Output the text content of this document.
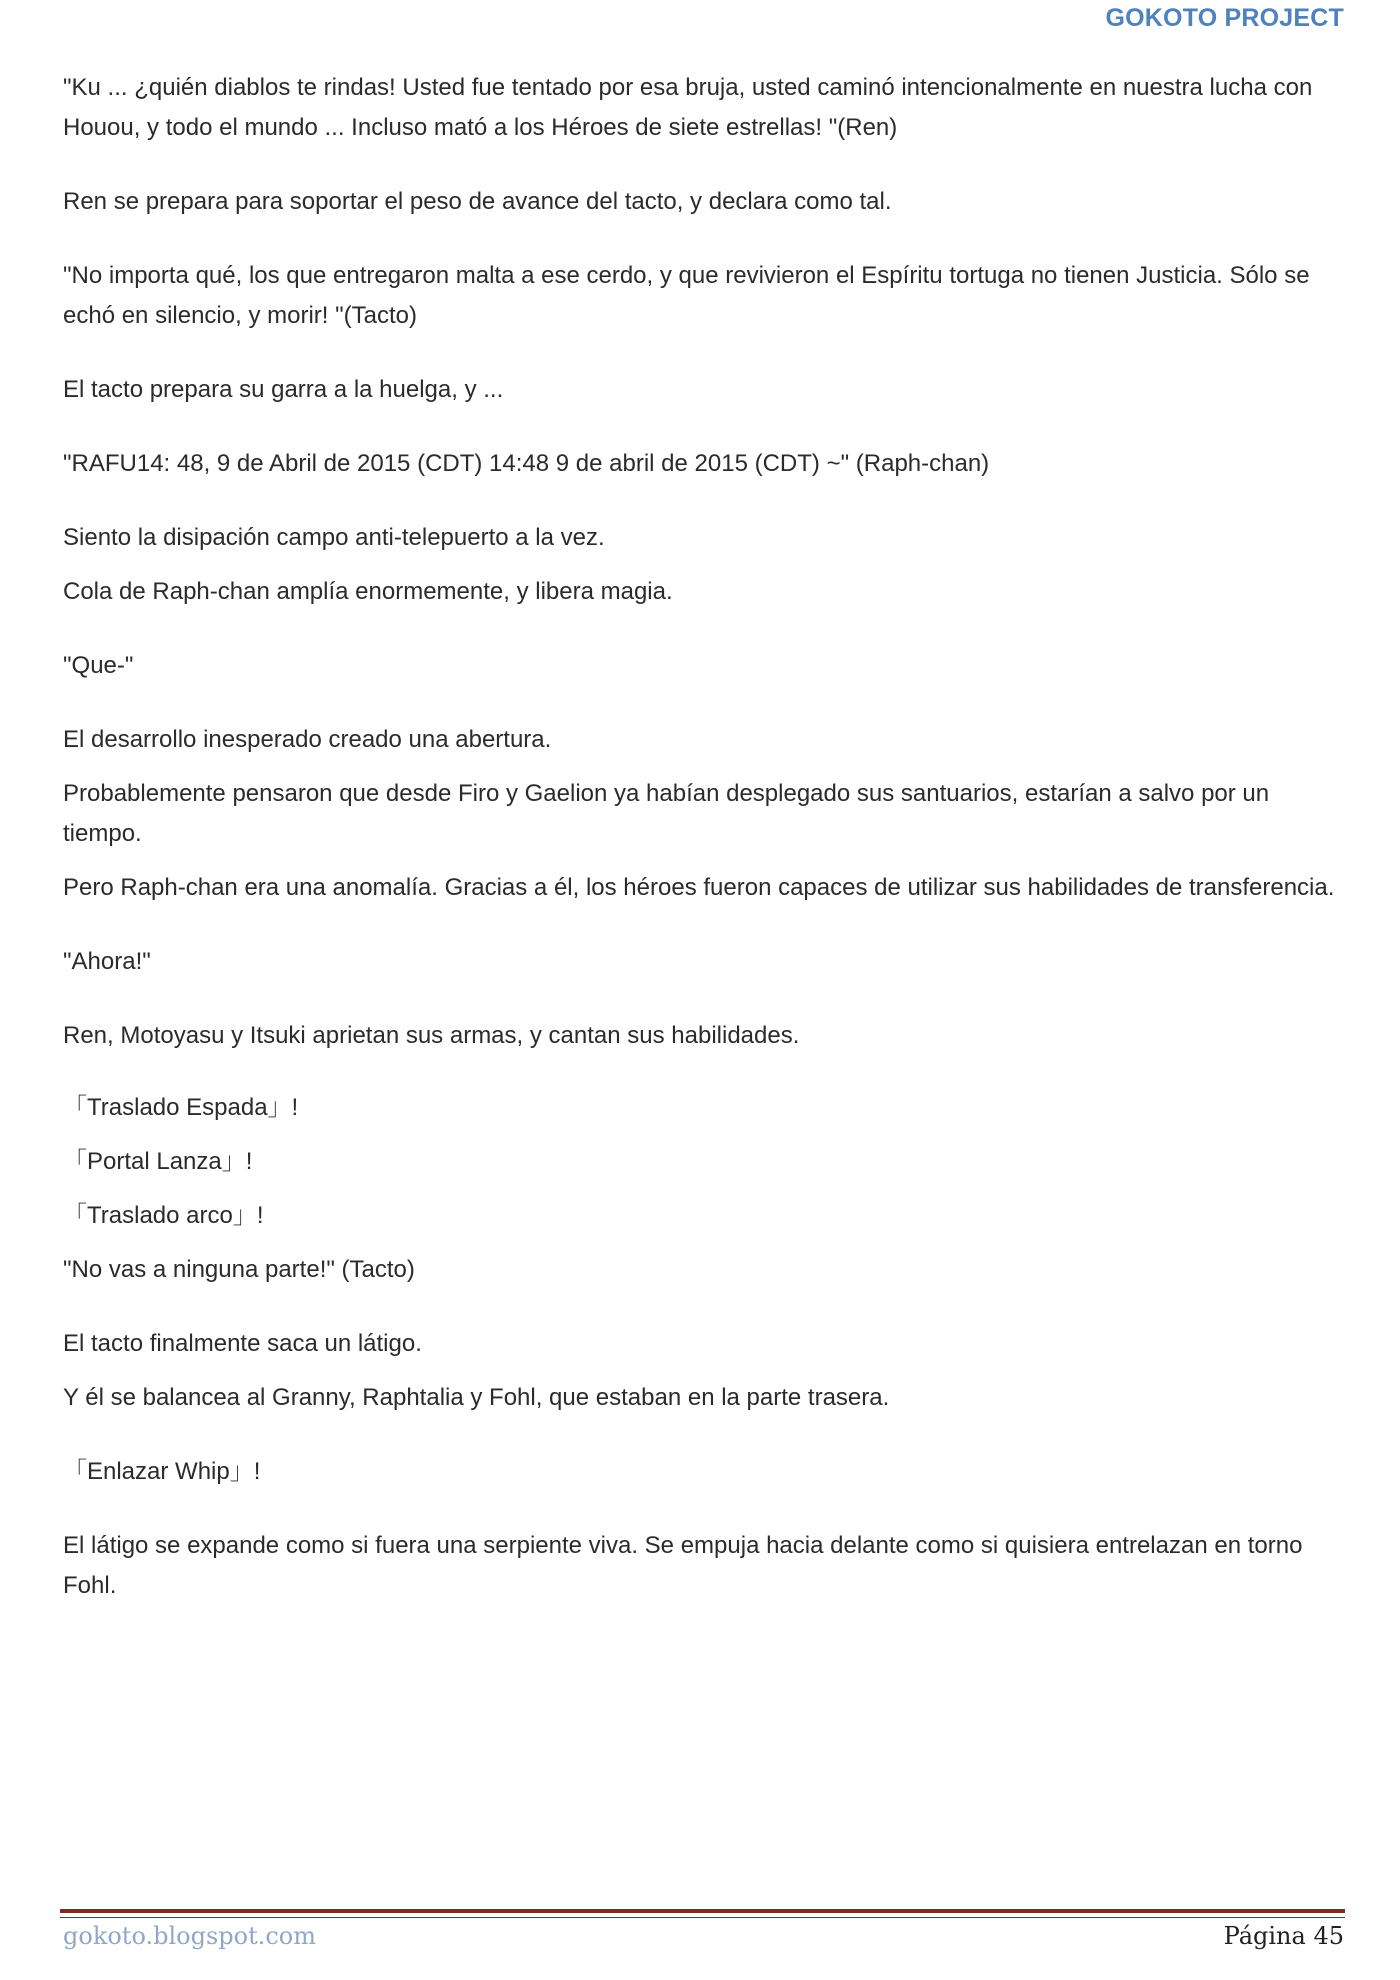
GOKOTO PROJECT

"Ku ... ¿quién diablos te rindas! Usted fue tentado por esa bruja, usted caminó intencionalmente en nuestra lucha con Houou, y todo el mundo ... Incluso mató a los Héroes de siete estrellas! "(Ren)

Ren se prepara para soportar el peso de avance del tacto, y declara como tal.

"No importa qué, los que entregaron malta a ese cerdo, y que revivieron el Espíritu tortuga no tienen Justicia. Sólo se echó en silencio, y morir! "(Tacto)

El tacto prepara su garra a la huelga, y ...

"RAFU14: 48, 9 de Abril de 2015 (CDT) 14:48 9 de abril de 2015 (CDT) ~" (Raph-chan)

Siento la disipación campo anti-telepuerto a la vez.

Cola de Raph-chan amplía enormemente, y libera magia.

"Que-"

El desarrollo inesperado creado una abertura.

Probablemente pensaron que desde Firo y Gaelion ya habían desplegado sus santuarios, estarían a salvo por un tiempo.

Pero Raph-chan era una anomalía. Gracias a él, los héroes fueron capaces de utilizar sus habilidades de transferencia.

"Ahora!"

Ren, Motoyasu y Itsuki aprietan sus armas, y cantan sus habilidades.

「Traslado Espada」!

「Portal Lanza」!

「Traslado arco」!

"No vas a ninguna parte!" (Tacto)

El tacto finalmente saca un látigo.

Y él se balancea al Granny, Raphtalia y Fohl, que estaban en la parte trasera.

「Enlazar Whip」!

El látigo se expande como si fuera una serpiente viva. Se empuja hacia delante como si quisiera entrelazan en torno Fohl.

gokoto.blogspot.com	Página 45
